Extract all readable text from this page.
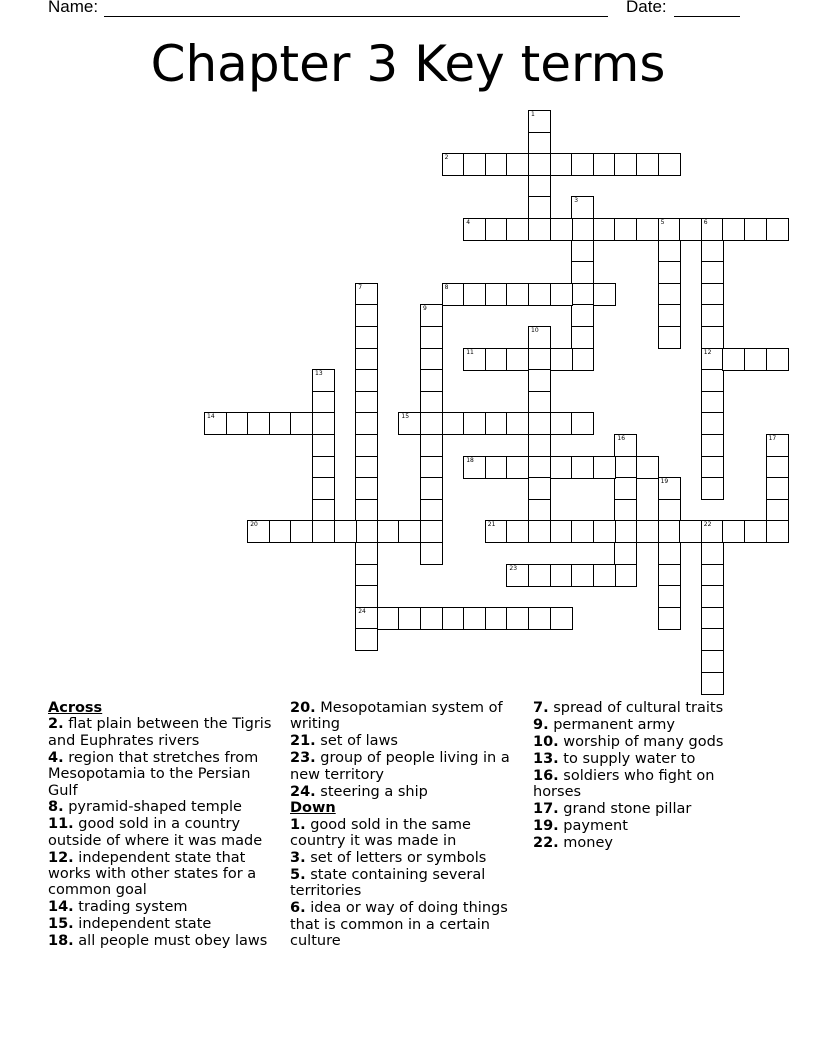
Name:	Date:
Chapter 3 Key terms
1
2
3
4	5	6
12
7
24
8
9
10
11
13
14	15
16	17
18
19
20	21	22
23
Across
2. flat plain between the Tigris and Euphrates rivers
4. region that stretches from Mesopotamia to the Persian Gulf
8. pyramid-shaped temple
11. good sold in a country outside of where it was made
12. independent state that works with other states for a common goal
14. trading system
15. independent state
18. all people must obey laws
20. Mesopotamian system of writing
21. set of laws
23. group of people living in a new territory
24. steering a ship
Down
1. good sold in the same country it was made in
3. set of letters or symbols
5. state containing several territories
6. idea or way of doing things that is common in a certain culture
7. spread of cultural traits
9. permanent army
10. worship of many gods
13. to supply water to
16. soldiers who fight on horses
17. grand stone pillar
19. payment
22. money
